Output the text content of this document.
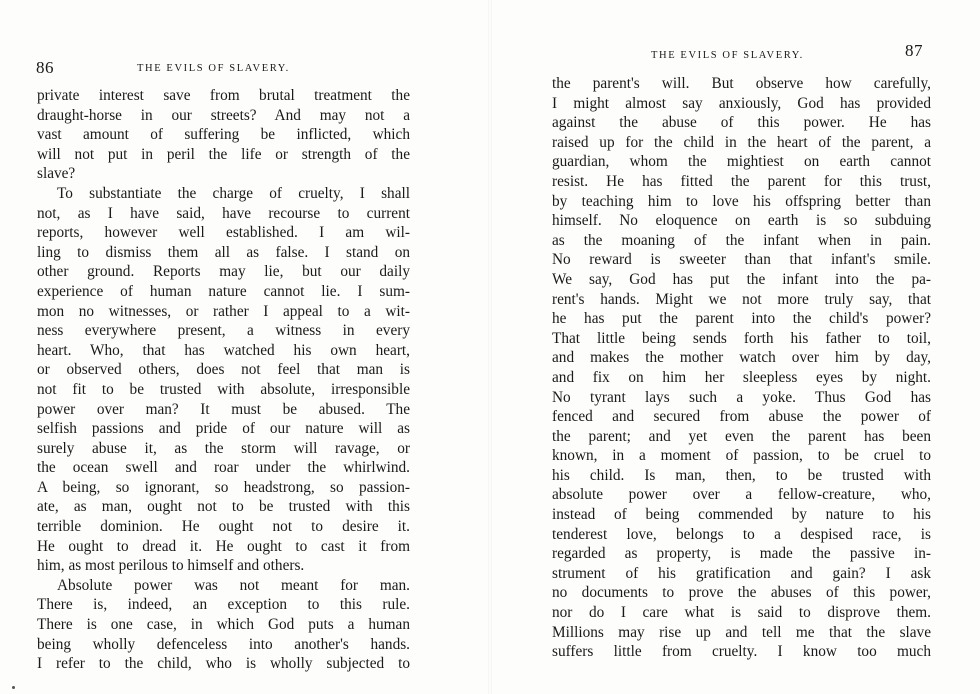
86	THE EVILS OF SLAVERY.
private interest save from brutal treatment the
draught-horse in our streets? And may not a
vast amount of suffering be inflicted, which
will not put in peril the life or strength of the
slave?
To substantiate the charge of cruelty, I shall
not, as I have said, have recourse to current
reports, however well established. I am wil-
ling to dismiss them all as false. I stand on
other ground. Reports may lie, but our daily
experience of human nature cannot lie. I sum-
mon no witnesses, or rather I appeal to a wit-
ness everywhere present, a witness in every
heart. Who, that has watched his own heart,
or observed others, does not feel that man is
not fit to be trusted with absolute, irresponsible
power over man? It must be abused. The
selfish passions and pride of our nature will as
surely abuse it, as the storm will ravage, or
the ocean swell and roar under the whirlwind.
A being, so ignorant, so headstrong, so passion-
ate, as man, ought not to be trusted with this
terrible dominion. He ought not to desire it.
He ought to dread it. He ought to cast it from
him, as most perilous to himself and others.
Absolute power was not meant for man.
There is, indeed, an exception to this rule.
There is one case, in which God puts a human
being wholly defenceless into another's hands.
I refer to the child, who is wholly subjected to
87
THE EVILS OF SLAVERY.
the parent's will. But observe how carefully,
I might almost say anxiously, God has provided
against the abuse of this power. He has
raised up for the child in the heart of the parent, a
guardian, whom the mightiest on earth cannot
resist. He has fitted the parent for this trust,
by teaching him to love his offspring better than
himself. No eloquence on earth is so subduing
as the moaning of the infant when in pain.
No reward is sweeter than that infant's smile.
We say, God has put the infant into the pa-
rent's hands. Might we not more truly say, that
he has put the parent into the child's power?
That little being sends forth his father to toil,
and makes the mother watch over him by day,
and fix on him her sleepless eyes by night.
No tyrant lays such a yoke. Thus God has
fenced and secured from abuse the power of
the parent; and yet even the parent has been
known, in a moment of passion, to be cruel to
his child. Is man, then, to be trusted with
absolute power over a fellow-creature, who,
instead of being commended by nature to his
tenderest love, belongs to a despised race, is
regarded as property, is made the passive in-
strument of his gratification and gain? I ask
no documents to prove the abuses of this power,
nor do I care what is said to disprove them.
Millions may rise up and tell me that the slave
suffers little from cruelty. I know too much
